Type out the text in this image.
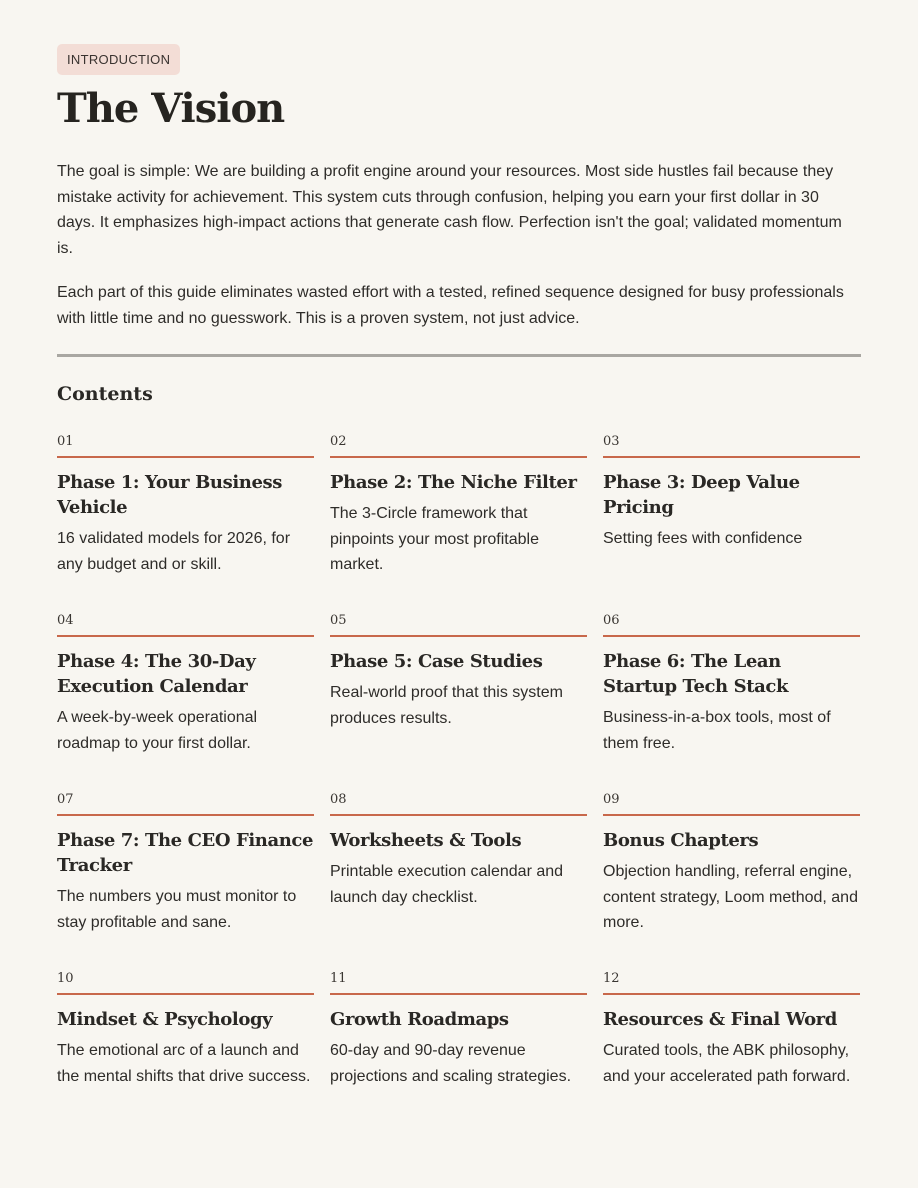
INTRODUCTION
The Vision

The goal is simple: We are building a profit engine around your resources. Most side hustles fail because they mistake activity for achievement. This system cuts through confusion, helping you earn your first dollar in 30 days. It emphasizes high-impact actions that generate cash flow. Perfection isn't the goal; validated momentum is.

Each part of this guide eliminates wasted effort with a tested, refined sequence designed for busy professionals with little time and no guesswork. This is a proven system, not just advice.

Contents
01
Phase 1: Your Business Vehicle
16 validated models for 2026, for any budget and or skill.
02
Phase 2: The Niche Filter
The 3-Circle framework that pinpoints your most profitable market.
03
Phase 3: Deep Value Pricing
Setting fees with confidence
04
Phase 4: The 30-Day Execution Calendar
A week-by-week operational roadmap to your first dollar.
05
Phase 5: Case Studies
Real-world proof that this system produces results.
06
Phase 6: The Lean Startup Tech Stack
Business-in-a-box tools, most of them free.
07
Phase 7: The CEO Finance Tracker
The numbers you must monitor to stay profitable and sane.
08
Worksheets & Tools
Printable execution calendar and launch day checklist.
09
Bonus Chapters
Objection handling, referral engine, content strategy, Loom method, and more.
10
Mindset & Psychology
The emotional arc of a launch and the mental shifts that drive success.
11
Growth Roadmaps
60-day and 90-day revenue projections and scaling strategies.
12
Resources & Final Word
Curated tools, the ABK philosophy, and your accelerated path forward.
